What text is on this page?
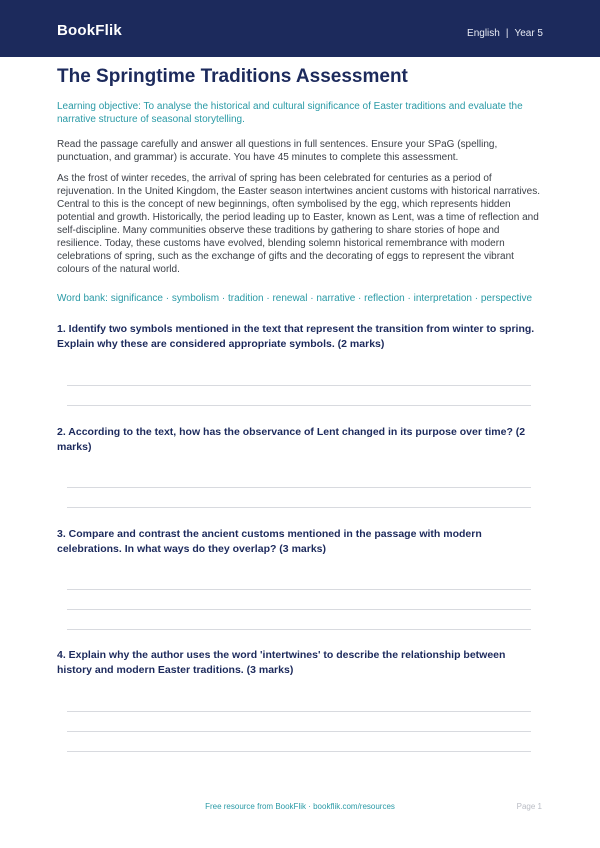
BookFlik	English | Year 5
The Springtime Traditions Assessment
Learning objective: To analyse the historical and cultural significance of Easter traditions and evaluate the narrative structure of seasonal storytelling.

Read the passage carefully and answer all questions in full sentences. Ensure your SPaG (spelling, punctuation, and grammar) is accurate. You have 45 minutes to complete this assessment.

As the frost of winter recedes, the arrival of spring has been celebrated for centuries as a period of rejuvenation. In the United Kingdom, the Easter season intertwines ancient customs with historical narratives. Central to this is the concept of new beginnings, often symbolised by the egg, which represents hidden potential and growth. Historically, the period leading up to Easter, known as Lent, was a time of reflection and self-discipline. Many communities observe these traditions by gathering to share stories of hope and resilience. Today, these customs have evolved, blending solemn historical remembrance with modern celebrations of spring, such as the exchange of gifts and the decorating of eggs to represent the vibrant colours of the natural world.

Word bank: significance · symbolism · tradition · renewal · narrative · reflection · interpretation · perspective
1. Identify two symbols mentioned in the text that represent the transition from winter to spring. Explain why these are considered appropriate symbols. (2 marks)
2. According to the text, how has the observance of Lent changed in its purpose over time? (2 marks)
3. Compare and contrast the ancient customs mentioned in the passage with modern celebrations. In what ways do they overlap? (3 marks)
4. Explain why the author uses the word 'intertwines' to describe the relationship between history and modern Easter traditions. (3 marks)
Free resource from BookFlik · bookflik.com/resources	Page 1
